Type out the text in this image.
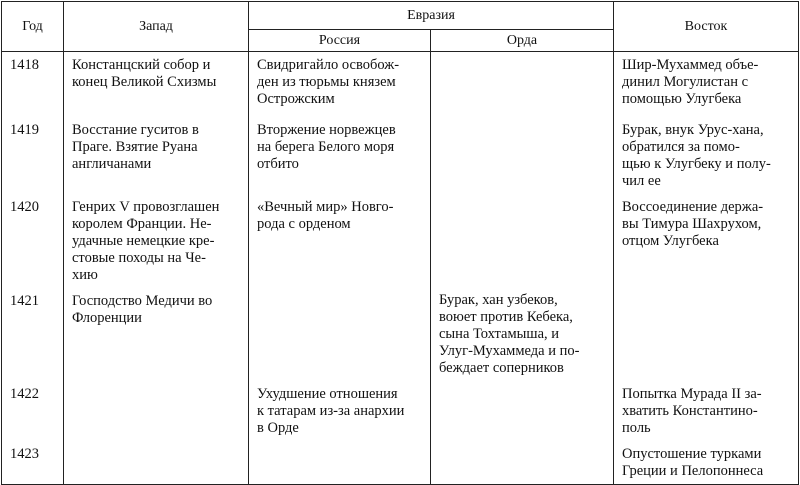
Год	Запад	Евразия		Восток
		Россия	Орда	
1418	Констанцский собор и
конец Великой Схизмы	Свидригайло освобож-
ден из тюрьмы князем
Острожским		Шир-Мухаммед объе-
динил Могулистан с
помощью Улугбека
1419	Восстание гуситов в
Праге. Взятие Руана
англичанами	Вторжение норвежцев
на берега Белого моря
отбито		Бурак, внук Урус-хана,
обратился за помо-
щью к Улугбеку и полу-
чил ее
1420	Генрих V провозглашен
королем Франции. Не-
удачные немецкие кре-
стовые походы на Че-
хию	«Вечный мир» Новго-
рода с орденом		Воссоединение держа-
вы Тимура Шахрухом,
отцом Улугбека
1421	Господство Медичи во
Флоренции		Бурак, хан узбеков,
воюет против Кебека,
сына Тохтамыша, и
Улуг-Мухаммеда и по-
беждает соперников	
1422		Ухудшение отношения
к татарам из-за анархии
в Орде		Попытка Мурада II за-
хватить Константино-
поль
1423				Опустошение турками
Греции и Пелопоннеса
